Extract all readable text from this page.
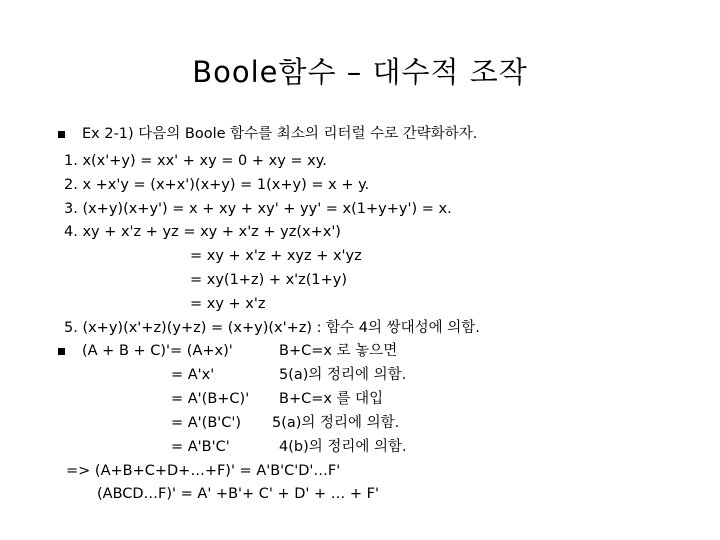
Boole함수 – 대수적 조작
Ex 2-1) 다음의 Boole 함수를 최소의 리터럴 수로 간략화하자.
1. x(x'+y) = xx' + xy = 0 + xy = xy.
2. x +x'y = (x+x')(x+y) = 1(x+y) = x + y.
3. (x+y)(x+y') = x + xy + xy' + yy' = x(1+y+y') = x.
4. xy + x'z + yz = xy + x'z + yz(x+x')
= xy + x'z + xyz + x'yz
= xy(1+z) + x'z(1+y)
= xy + x'z
5. (x+y)(x'+z)(y+z) = (x+y)(x'+z) : 함수 4의 쌍대성에 의함.
(A + B + C)'= (A+x)'	B+C=x 로 놓으면
= A'x'	5(a)의 정리에 의함.
= A'(B+C)' B+C=x 를 대입
= A'(B'C') 5(a)의 정리에 의함.
= A'B'C'	4(b)의 정리에 의함.
=> (A+B+C+D+…+F)' = A'B'C'D'…F'
(ABCD…F)' = A' +B'+ C' + D' + … + F'
